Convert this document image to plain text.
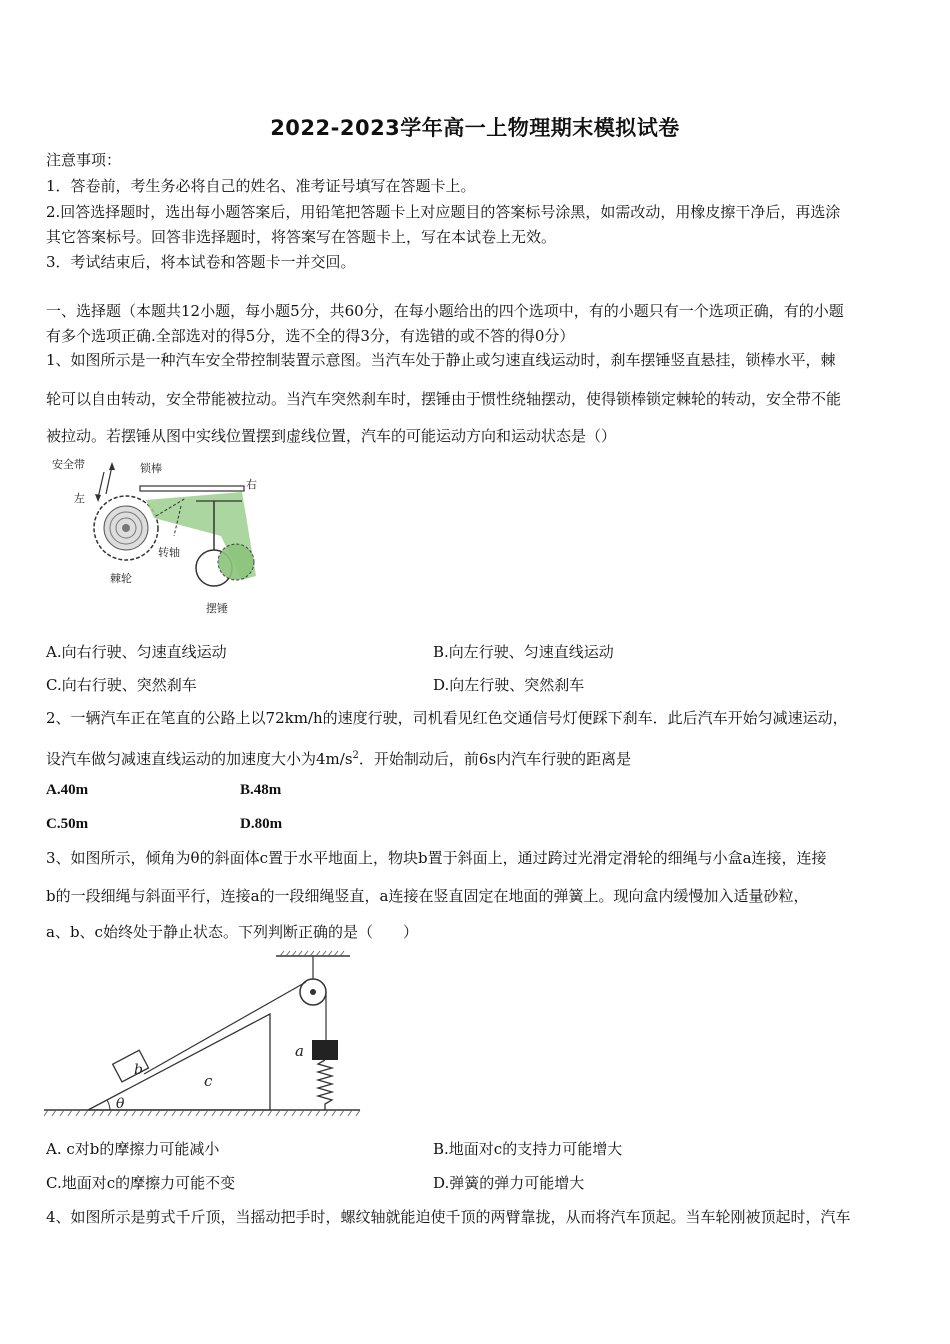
2022-2023学年高一上物理期末模拟试卷
注意事项：
1．答卷前，考生务必将自己的姓名、准考证号填写在答题卡上。
2.回答选择题时，选出每小题答案后，用铅笔把答题卡上对应题目的答案标号涂黑，如需改动，用橡皮擦干净后，再选涂
其它答案标号。回答非选择题时，将答案写在答题卡上，写在本试卷上无效。
3．考试结束后，将本试卷和答题卡一并交回。
一、选择题（本题共12小题，每小题5分，共60分，在每小题给出的四个选项中，有的小题只有一个选项正确，有的小题
有多个选项正确.全部选对的得5分，选不全的得3分，有选错的或不答的得0分）
1、如图所示是一种汽车安全带控制装置示意图。当汽车处于静止或匀速直线运动时，刹车摆锤竖直悬挂，锁棒水平，棘
轮可以自由转动，安全带能被拉动。当汽车突然刹车时，摆锤由于惯性绕轴摆动，使得锁棒锁定棘轮的转动，安全带不能
被拉动。若摆锤从图中实线位置摆到虚线位置，汽车的可能运动方向和运动状态是（）
安全带
左
锁棒
右
转轴
棘轮
摆锤
A.向右行驶、匀速直线运动	B.向左行驶、匀速直线运动
C.向右行驶、突然刹车	D.向左行驶、突然刹车
2、一辆汽车正在笔直的公路上以72km/h的速度行驶，司机看见红色交通信号灯便踩下刹车．此后汽车开始匀减速运动，
设汽车做匀减速直线运动的加速度大小为$4m/s^2$．开始制动后，前6s内汽车行驶的距离是
A.40m	B.48m
C.50m	D.80m
3、如图所示，倾角为θ的斜面体c置于水平地面上，物块b置于斜面上，通过跨过光滑定滑轮的细绳与小盒a连接，连接
b的一段细绳与斜面平行，连接a的一段细绳竖直，a连接在竖直固定在地面的弹簧上。现向盒内缓慢加入适量砂粒，
a、b、c始终处于静止状态。下列判断正确的是（　　）
θ
b
c
a
A. c对b的摩擦力可能减小	B.地面对c的支持力可能增大
C.地面对c的摩擦力可能不变	D.弹簧的弹力可能增大
4、如图所示是剪式千斤顶，当摇动把手时，螺纹轴就能迫使千顶的两臂靠拢，从而将汽车顶起。当车轮刚被顶起时，汽车
